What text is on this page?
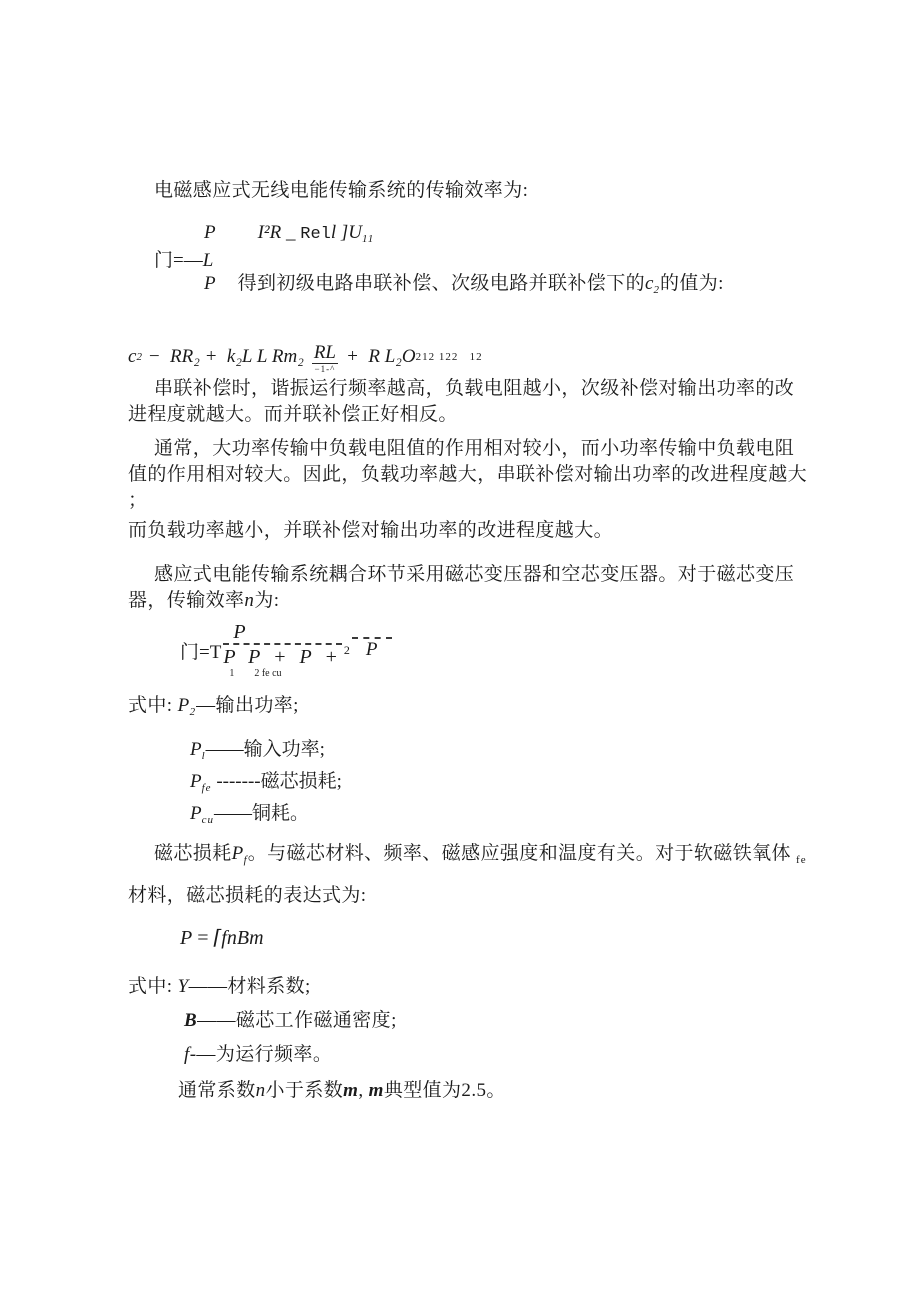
电磁感应式无线电能传输系统的传输效率为:
P I²R _ Rell ]$U_{11}$
门=—L
P 得到初级电路串联补偿、次级电路并联补偿下的$c_2$的值为:
c 2 −  RR₂ +  k₂L L Rm₂ RL
−1-^
+  R L₂O 212 122   12
串联补偿时，谐振运行频率越高，负载电阻越小，次级补偿对输出功率的改
进程度就越大。而并联补偿正好相反。
通常，大功率传输中负载电阻值的作用相对较小，而小功率传输中负载电阻
值的作用相对较大。因此，负载功率越大，串联补偿对输出功率的改进程度越大
；
而负载功率越小，并联补偿对输出功率的改进程度越大。
感应式电能传输系统耦合环节采用磁芯变压器和空芯变压器。对于磁芯变压
器，传输效率n为:
门=T
P
P P + P +
1        2 fe cu
2 P
式中: $P_2—$输出功率;
$P_l——$输入功率;
$P_{fe}$ -------磁芯损耗;
$P_{cu}——$铜耗。
磁芯损耗$P_f$。与磁芯材料、频率、磁感应强度和温度有关。对于软磁铁氧体 $_{fe}$
材料，磁芯损耗的表达式为:
P = ⌈fnBm
式中: Y——材料系数;
B——磁芯工作磁通密度;
f-—为运行频率。
通常系数n小于系数m, m典型值为2.5。
